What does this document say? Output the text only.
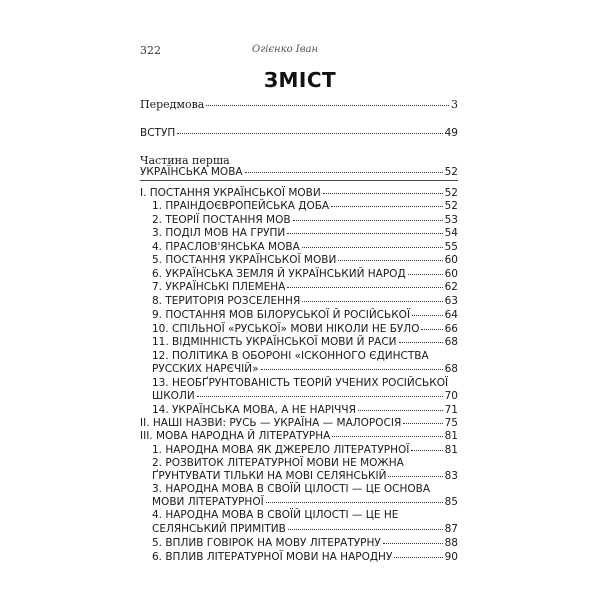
322	Огієнко Іван
ЗМІСТ
Передмова	3
ВСТУП	49
Частина перша
УКРАЇНСЬКА МОВА	52
I. ПОСТАННЯ УКРАЇНСЬКОЇ МОВИ	52
1. ПРАІНДОЄВРОПЕЙСЬКА ДОБА	52
2. ТЕОРІЇ ПОСТАННЯ МОВ	53
3. ПОДІЛ МОВ НА ГРУПИ	54
4. ПРАСЛОВ'ЯНСЬКА МОВА	55
5. ПОСТАННЯ УКРАЇНСЬКОЇ МОВИ	60
6. УКРАЇНСЬКА ЗЕМЛЯ Й УКРАЇНСЬКИЙ НАРОД	60
7. УКРАЇНСЬКІ ПЛЕМЕНА	62
8. ТЕРИТОРІЯ РОЗСЕЛЕННЯ	63
9. ПОСТАННЯ МОВ БІЛОРУСЬКОЇ Й РОСІЙСЬКОЇ	64
10. СПІЛЬНОЇ «РУСЬКОЇ» МОВИ НІКОЛИ НЕ БУЛО 66
11. ВІДМІННІСТЬ УКРАЇНСЬКОЇ МОВИ Й РАСИ	68
12. ПОЛІТИКА В ОБОРОНІ «ІСКОННОГО ЄДИНСТВА
РУССКИХ НАРЄЧІЙ»	68
13. НЕОБҐРУНТОВАНІСТЬ ТЕОРІЙ УЧЕНИХ РОСІЙСЬКОЇ
ШКОЛИ	70
14. УКРАЇНСЬКА МОВА, А НЕ НАРІЧЧЯ	71
II. НАШІ НАЗВИ: РУСЬ — УКРАЇНА — МАЛОРОСІЯ	75
III. МОВА НАРОДНА Й ЛІТЕРАТУРНА	81
1. НАРОДНА МОВА ЯК ДЖЕРЕЛО ЛІТЕРАТУРНОЇ	81
2. РОЗВИТОК ЛІТЕРАТУРНОЇ МОВИ НЕ МОЖНА
ҐРУНТУВАТИ ТІЛЬКИ НА МОВІ СЕЛЯНСЬКІЙ	83
3. НАРОДНА МОВА В СВОЇЙ ЦІЛОСТІ — ЦЕ ОСНОВА
МОВИ ЛІТЕРАТУРНОЇ	85
4. НАРОДНА МОВА В СВОЇЙ ЦІЛОСТІ — ЦЕ НЕ
СЕЛЯНСЬКИЙ ПРИМІТИВ	87
5. ВПЛИВ ГОВІРОК НА МОВУ ЛІТЕРАТУРНУ	88
6. ВПЛИВ ЛІТЕРАТУРНОЇ МОВИ НА НАРОДНУ	90
